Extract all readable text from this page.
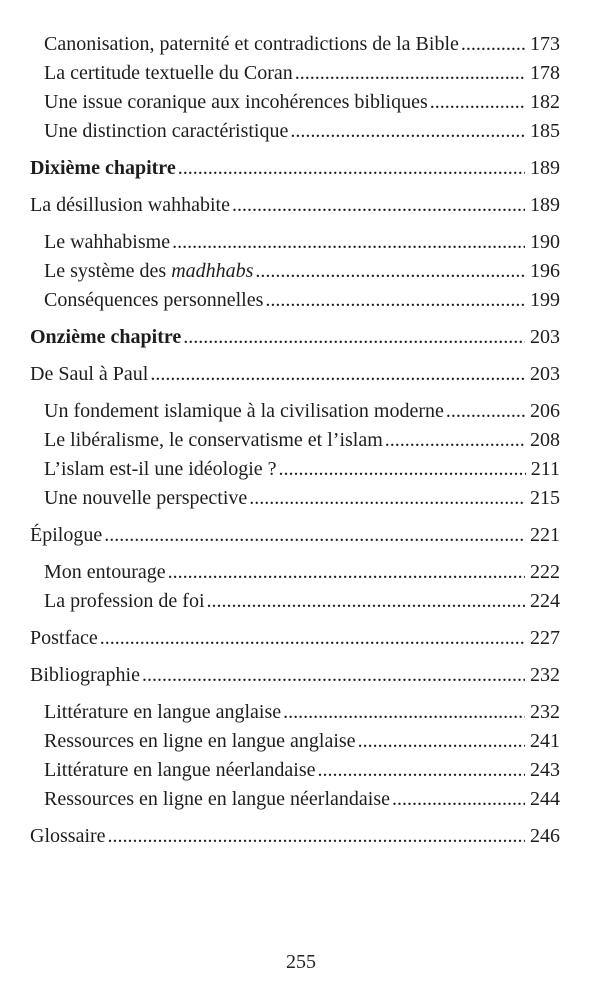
Canonisation, paternité et contradictions de la Bible .....	173
La certitude textuelle du Coran .....	178
Une issue coranique aux incohérences bibliques .....	182
Une distinction caractéristique .....	185
Dixième chapitre .....	189
La désillusion wahhabite .....	189
Le wahhabisme .....	190
Le système des madhhabs .....	196
Conséquences personnelles .....	199
Onzième chapitre .....	203
De Saul à Paul .....	203
Un fondement islamique à la civilisation moderne .....	206
Le libéralisme, le conservatisme et l’islam .....	208
L’islam est-il une idéologie ? .....	211
Une nouvelle perspective .....	215
Épilogue .....	221
Mon entourage .....	222
La profession de foi .....	224
Postface .....	227
Bibliographie .....	232
Littérature en langue anglaise .....	232
Ressources en ligne en langue anglaise .....	241
Littérature en langue néerlandaise .....	243
Ressources en ligne en langue néerlandaise .....	244
Glossaire .....	246
255
